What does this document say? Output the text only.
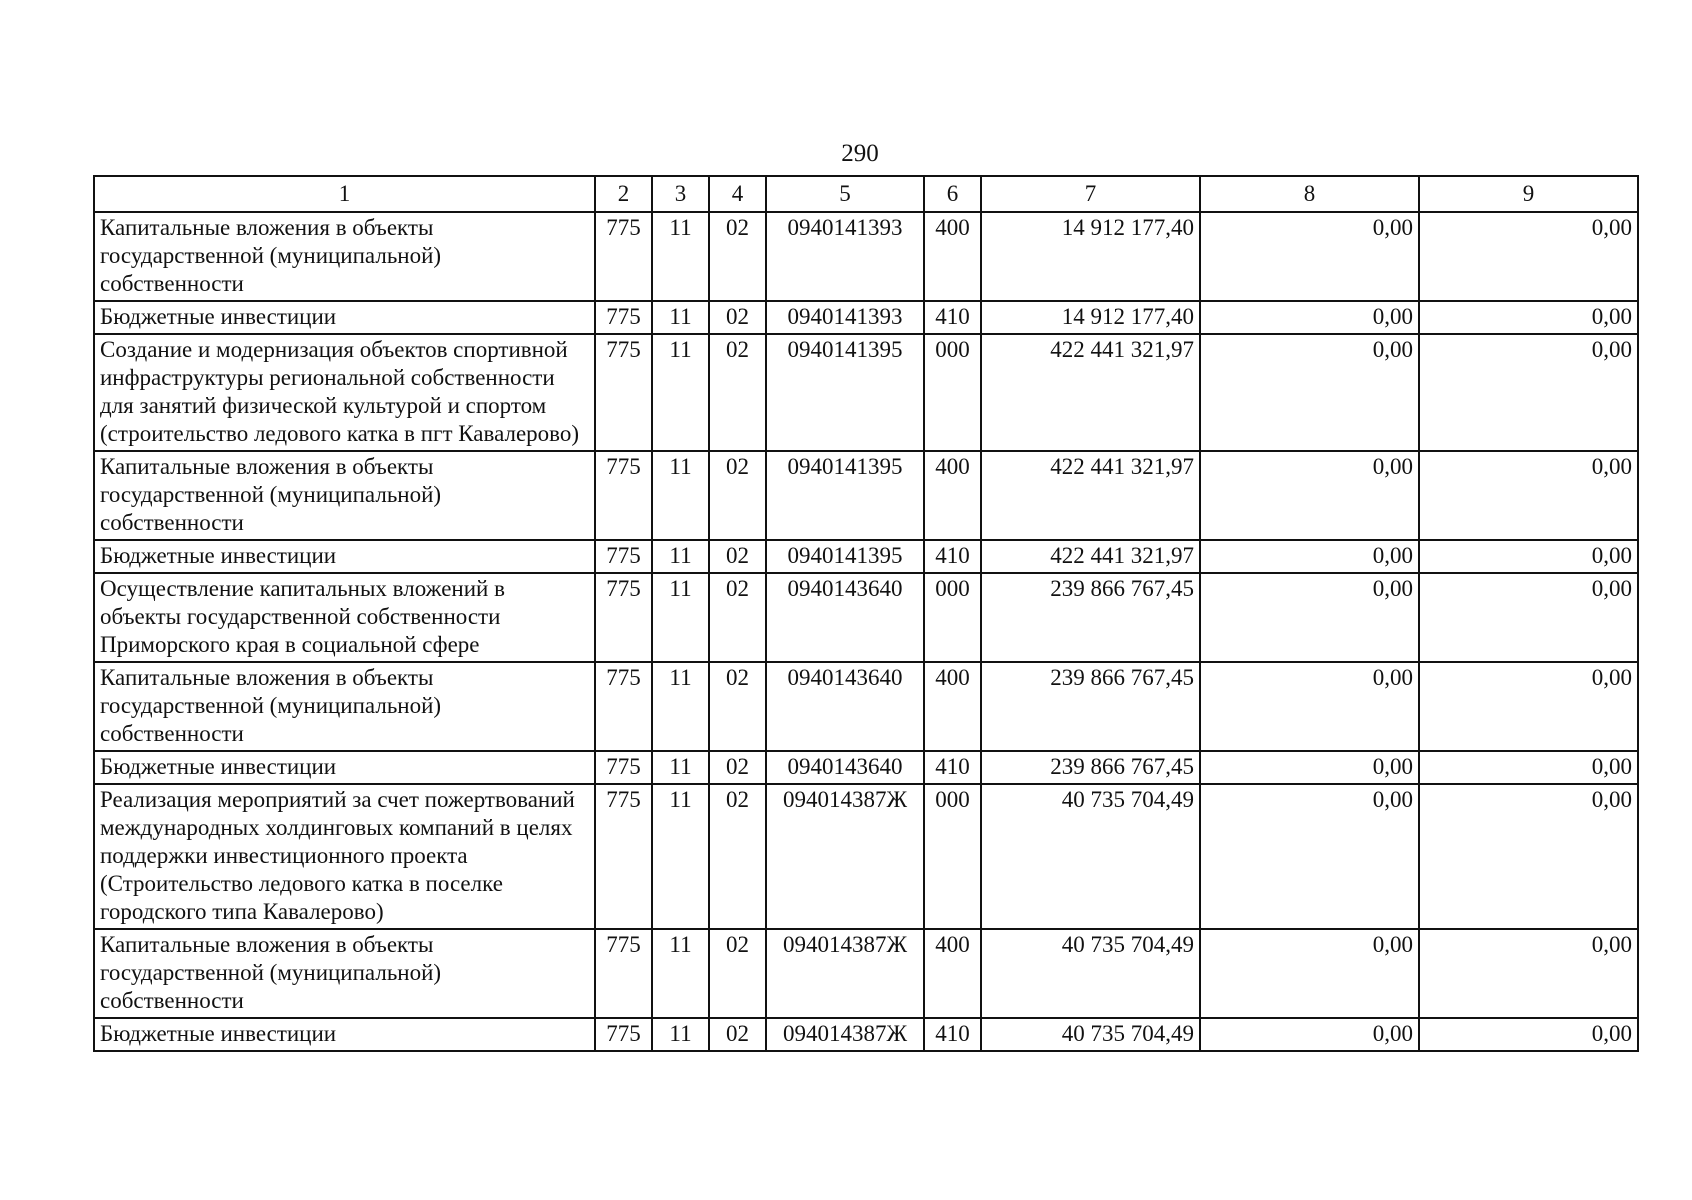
290
1	2	3	4	5	6	7	8	9
Капитальные вложения в объекты государственной (муниципальной) собственности	775	11	02	0940141393	400	14 912 177,40	0,00	0,00
Бюджетные инвестиции	775	11	02	0940141393	410	14 912 177,40	0,00	0,00
Создание и модернизация объектов спортивной инфраструктуры региональной собственности для занятий физической культурой и спортом (строительство ледового катка в пгт Кавалерово)	775	11	02	0940141395	000	422 441 321,97	0,00	0,00
Капитальные вложения в объекты государственной (муниципальной) собственности	775	11	02	0940141395	400	422 441 321,97	0,00	0,00
Бюджетные инвестиции	775	11	02	0940141395	410	422 441 321,97	0,00	0,00
Осуществление капитальных вложений в объекты государственной собственности Приморского края в социальной сфере	775	11	02	0940143640	000	239 866 767,45	0,00	0,00
Капитальные вложения в объекты государственной (муниципальной) собственности	775	11	02	0940143640	400	239 866 767,45	0,00	0,00
Бюджетные инвестиции	775	11	02	0940143640	410	239 866 767,45	0,00	0,00
Реализация мероприятий за счет пожертвований международных холдинговых компаний в целях поддержки инвестиционного проекта (Строительство ледового катка в поселке городского типа Кавалерово)	775	11	02	094014387Ж	000	40 735 704,49	0,00	0,00
Капитальные вложения в объекты государственной (муниципальной) собственности	775	11	02	094014387Ж	400	40 735 704,49	0,00	0,00
Бюджетные инвестиции	775	11	02	094014387Ж	410	40 735 704,49	0,00	0,00
